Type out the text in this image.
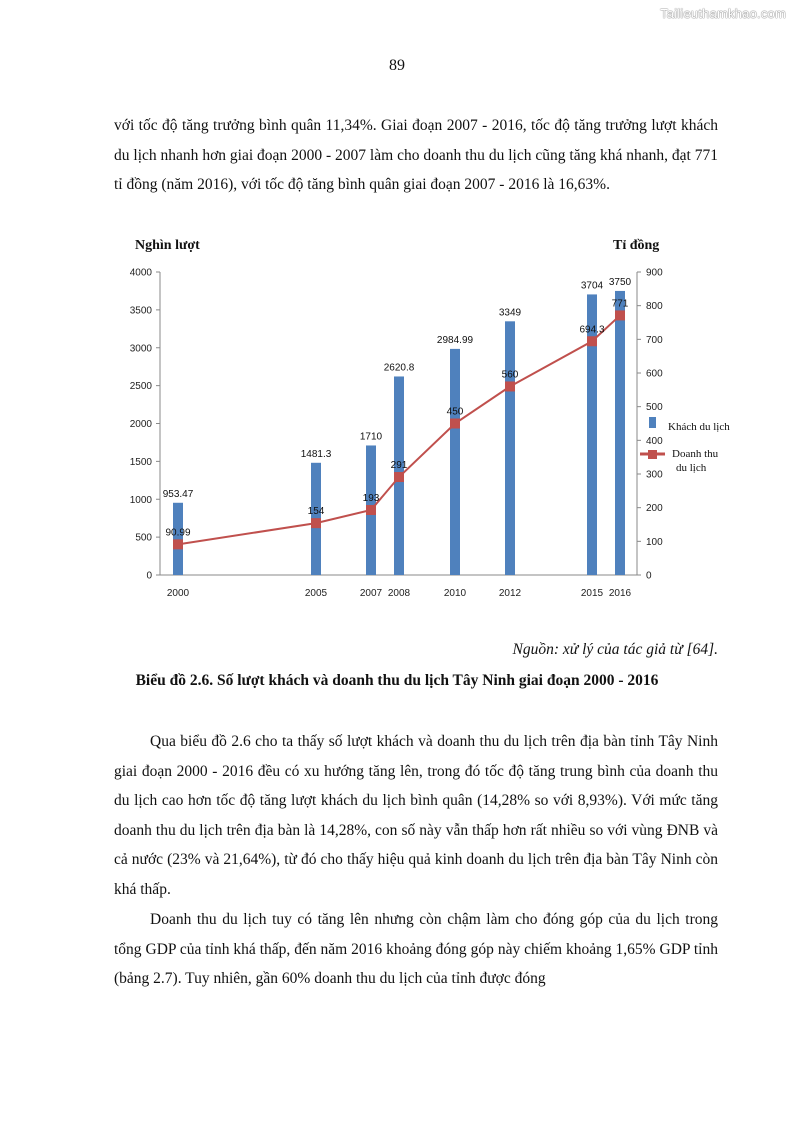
Tailieuthamkhao.com
89

với tốc độ tăng trưởng bình quân 11,34%. Giai đoạn 2007 - 2016, tốc độ tăng trưởng lượt khách du lịch nhanh hơn giai đoạn 2000 - 2007 làm cho doanh thu du lịch cũng tăng khá nhanh, đạt 771 tỉ đồng (năm 2016), với tốc độ tăng bình quân giai đoạn 2007 - 2016 là 16,63%.

Nghìn lượt	Tỉ đồng
0
500
1000
1500
2000
2500
3000
3500
4000
0
100
200
300
400
500
600
700
800
900
2000	2005	2007 2008	2010	2012	2015 2016
953.47
1481.3
1710
2620.8
2984.99
3349
3704 3750
90.99
154
193
291
450
560
694.3
771
Khách du lịch
Doanh thu
du lịch
Nguồn: xử lý của tác giả từ [64].
Biểu đồ 2.6. Số lượt khách và doanh thu du lịch Tây Ninh giai đoạn 2000 - 2016

Qua biểu đồ 2.6 cho ta thấy số lượt khách và doanh thu du lịch trên địa bàn tỉnh Tây Ninh giai đoạn 2000 - 2016 đều có xu hướng tăng lên, trong đó tốc độ tăng trung bình của doanh thu du lịch cao hơn tốc độ tăng lượt khách du lịch bình quân (14,28% so với 8,93%). Với mức tăng doanh thu du lịch trên địa bàn là 14,28%, con số này vẫn thấp hơn rất nhiều so với vùng ĐNB và cả nước (23% và 21,64%), từ đó cho thấy hiệu quả kinh doanh du lịch trên địa bàn Tây Ninh còn khá thấp.

Doanh thu du lịch tuy có tăng lên nhưng còn chậm làm cho đóng góp của du lịch trong tổng GDP của tỉnh khá thấp, đến năm 2016 khoảng đóng góp này chiếm khoảng 1,65% GDP tỉnh (bảng 2.7). Tuy nhiên, gần 60% doanh thu du lịch của tỉnh được đóng
